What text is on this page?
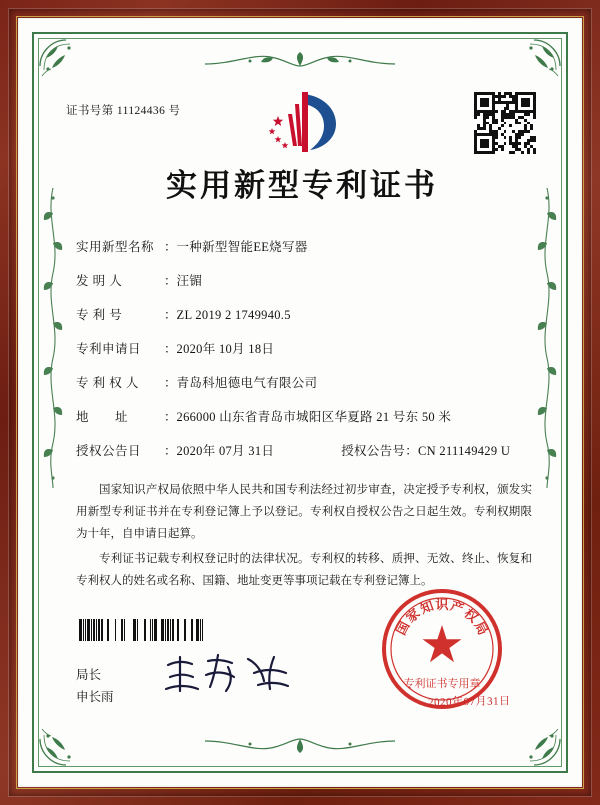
证书号第 11124436 号
实用新型专利证书
实用新型名称 ： 一种新型智能EE烧写器
发 明 人	： 汪镅
专 利 号	： ZL 2019 2 1749940.5
专利申请日	： 2020年 10月 18日
专 利 权 人	： 青岛科旭德电气有限公司
地　　址	： 266000 山东省青岛市城阳区华夏路 21 号东 50 米
授权公告日	： 2020年 07月 31日	授权公告号： CN 211149429 U

国家知识产权局依照中华人民共和国专利法经过初步审查，决定授予专利权，颁发实用新型专利证书并在专利登记簿上予以登记。专利权自授权公告之日起生效。专利权期限为十年，自申请日起算。

专利证书记载专利权登记时的法律状况。专利权的转移、质押、无效、终止、恢复和专利权人的姓名或名称、国籍、地址变更等事项记载在专利登记簿上。

局长
申长雨
国
家
知 识 产
权
局
专利证书专用章
2020年07月31日
